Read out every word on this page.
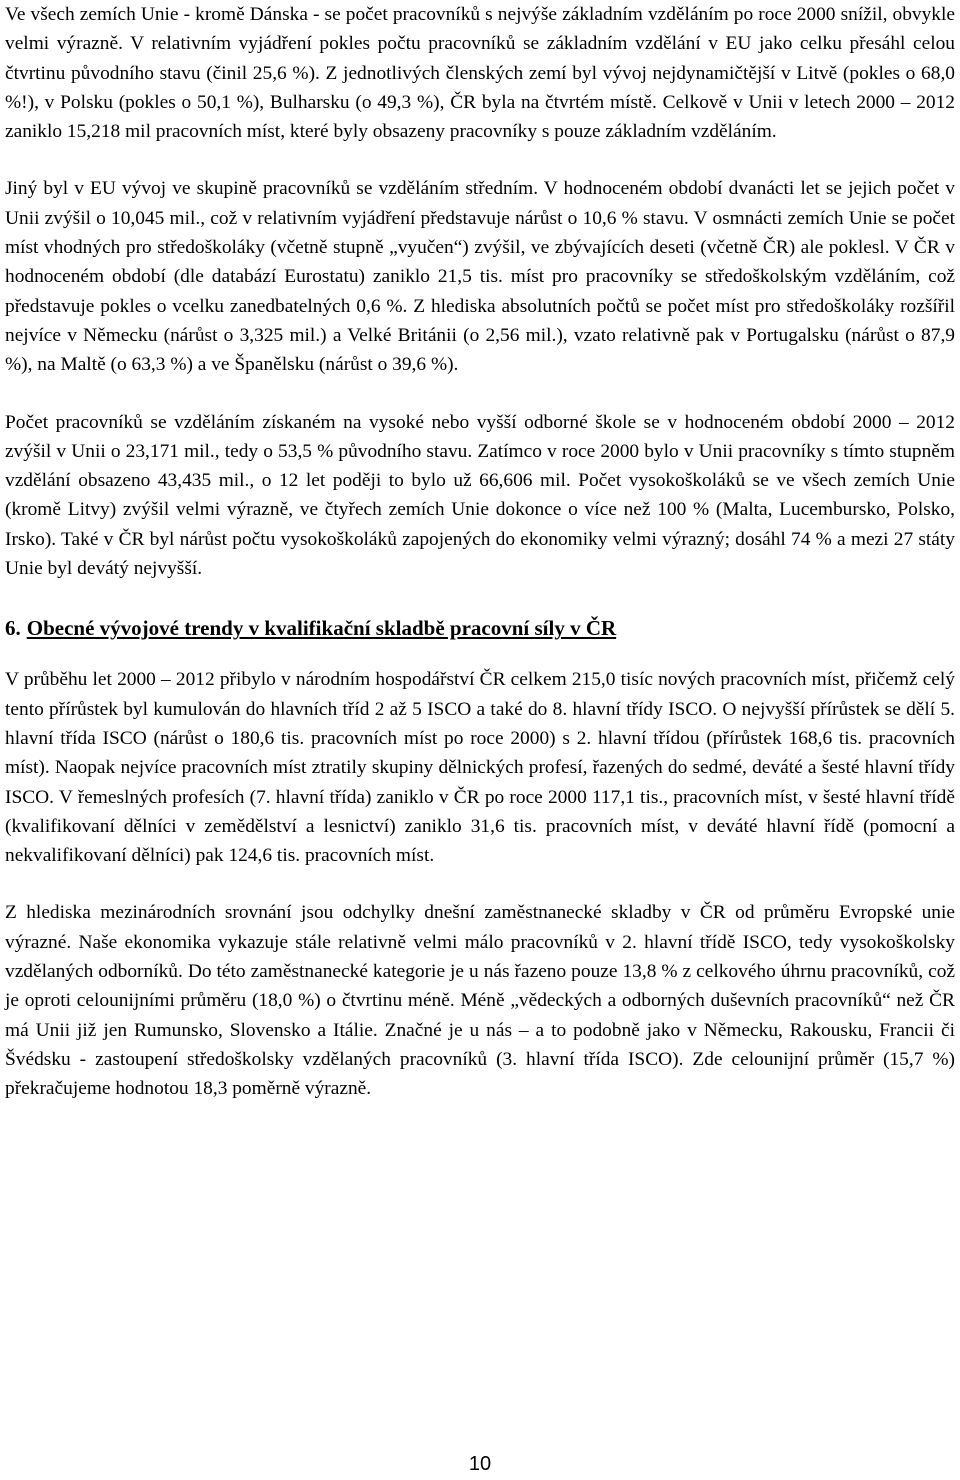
Ve všech zemích Unie - kromě Dánska - se počet pracovníků s nejvýše základním vzděláním po roce 2000 snížil, obvykle velmi výrazně. V relativním vyjádření pokles počtu pracovníků se základním vzdělání v EU jako celku přesáhl celou čtvrtinu původního stavu (činil 25,6 %). Z jednotlivých členských zemí byl vývoj nejdynamičtější v Litvě (pokles o 68,0 %!), v Polsku (pokles o 50,1 %), Bulharsku (o 49,3 %), ČR byla na čtvrtém místě. Celkově v Unii v letech 2000 – 2012 zaniklo 15,218 mil pracovních míst, které byly obsazeny pracovníky s pouze základním vzděláním.

Jiný byl v EU vývoj ve skupině pracovníků se vzděláním středním. V hodnoceném období dvanácti let se jejich počet v Unii zvýšil o 10,045 mil., což v relativním vyjádření představuje nárůst o 10,6 % stavu. V osmnácti zemích Unie se počet míst vhodných pro středoškoláky (včetně stupně „vyučen“) zvýšil, ve zbývajících deseti (včetně ČR) ale poklesl. V ČR v hodnoceném období (dle databází Eurostatu) zaniklo 21,5 tis. míst pro pracovníky se středoškolským vzděláním, což představuje pokles o vcelku zanedbatelných 0,6 %. Z hlediska absolutních počtů se počet míst pro středoškoláky rozšířil nejvíce v Německu (nárůst o 3,325 mil.) a Velké Británii (o 2,56 mil.), vzato relativně pak v Portugalsku (nárůst o 87,9 %), na Maltě (o 63,3 %) a ve Španělsku (nárůst o 39,6 %).

Počet pracovníků se vzděláním získaném na vysoké nebo vyšší odborné škole se v hodnoceném období 2000 – 2012 zvýšil v Unii o 23,171 mil., tedy o 53,5 % původního stavu. Zatímco v roce 2000 bylo v Unii pracovníky s tímto stupněm vzdělání obsazeno 43,435 mil., o 12 let poději to bylo už 66,606 mil. Počet vysokoškoláků se ve všech zemích Unie (kromě Litvy) zvýšil velmi výrazně, ve čtyřech zemích Unie dokonce o více než 100 % (Malta, Lucembursko, Polsko, Irsko). Také v ČR byl nárůst počtu vysokoškoláků zapojených do ekonomiky velmi výrazný; dosáhl 74 % a mezi 27 státy Unie byl devátý nejvyšší.

6. Obecné vývojové trendy v kvalifikační skladbě pracovní síly v ČR

V průběhu let 2000 – 2012 přibylo v národním hospodářství ČR celkem 215,0 tisíc nových pracovních míst, přičemž celý tento přírůstek byl kumulován do hlavních tříd 2 až 5 ISCO a také do 8. hlavní třídy ISCO. O nejvyšší přírůstek se dělí 5. hlavní třída ISCO (nárůst o 180,6 tis. pracovních míst po roce 2000) s 2. hlavní třídou (přírůstek 168,6 tis. pracovních míst). Naopak nejvíce pracovních míst ztratily skupiny dělnických profesí, řazených do sedmé, deváté a šesté hlavní třídy ISCO. V řemeslných profesích (7. hlavní třída) zaniklo v ČR po roce 2000 117,1 tis., pracovních míst, v šesté hlavní třídě (kvalifikovaní dělníci v zemědělství a lesnictví) zaniklo 31,6 tis. pracovních míst, v deváté hlavní řídě (pomocní a nekvalifikovaní dělníci) pak 124,6 tis. pracovních míst.

Z hlediska mezinárodních srovnání jsou odchylky dnešní zaměstnanecké skladby v ČR od průměru Evropské unie výrazné. Naše ekonomika vykazuje stále relativně velmi málo pracovníků v 2. hlavní třídě ISCO, tedy vysokoškolsky vzdělaných odborníků. Do této zaměstnanecké kategorie je u nás řazeno pouze 13,8 % z celkového úhrnu pracovníků, což je oproti celounijními průměru (18,0 %) o čtvrtinu méně. Méně „vědeckých a odborných duševních pracovníků“ než ČR má Unii již jen Rumunsko, Slovensko a Itálie. Značné je u nás – a to podobně jako v Německu, Rakousku, Francii či Švédsku - zastoupení středoškolsky vzdělaných pracovníků (3. hlavní třída ISCO). Zde celounijní průměr (15,7 %) překračujeme hodnotou 18,3 poměrně výrazně.

10
